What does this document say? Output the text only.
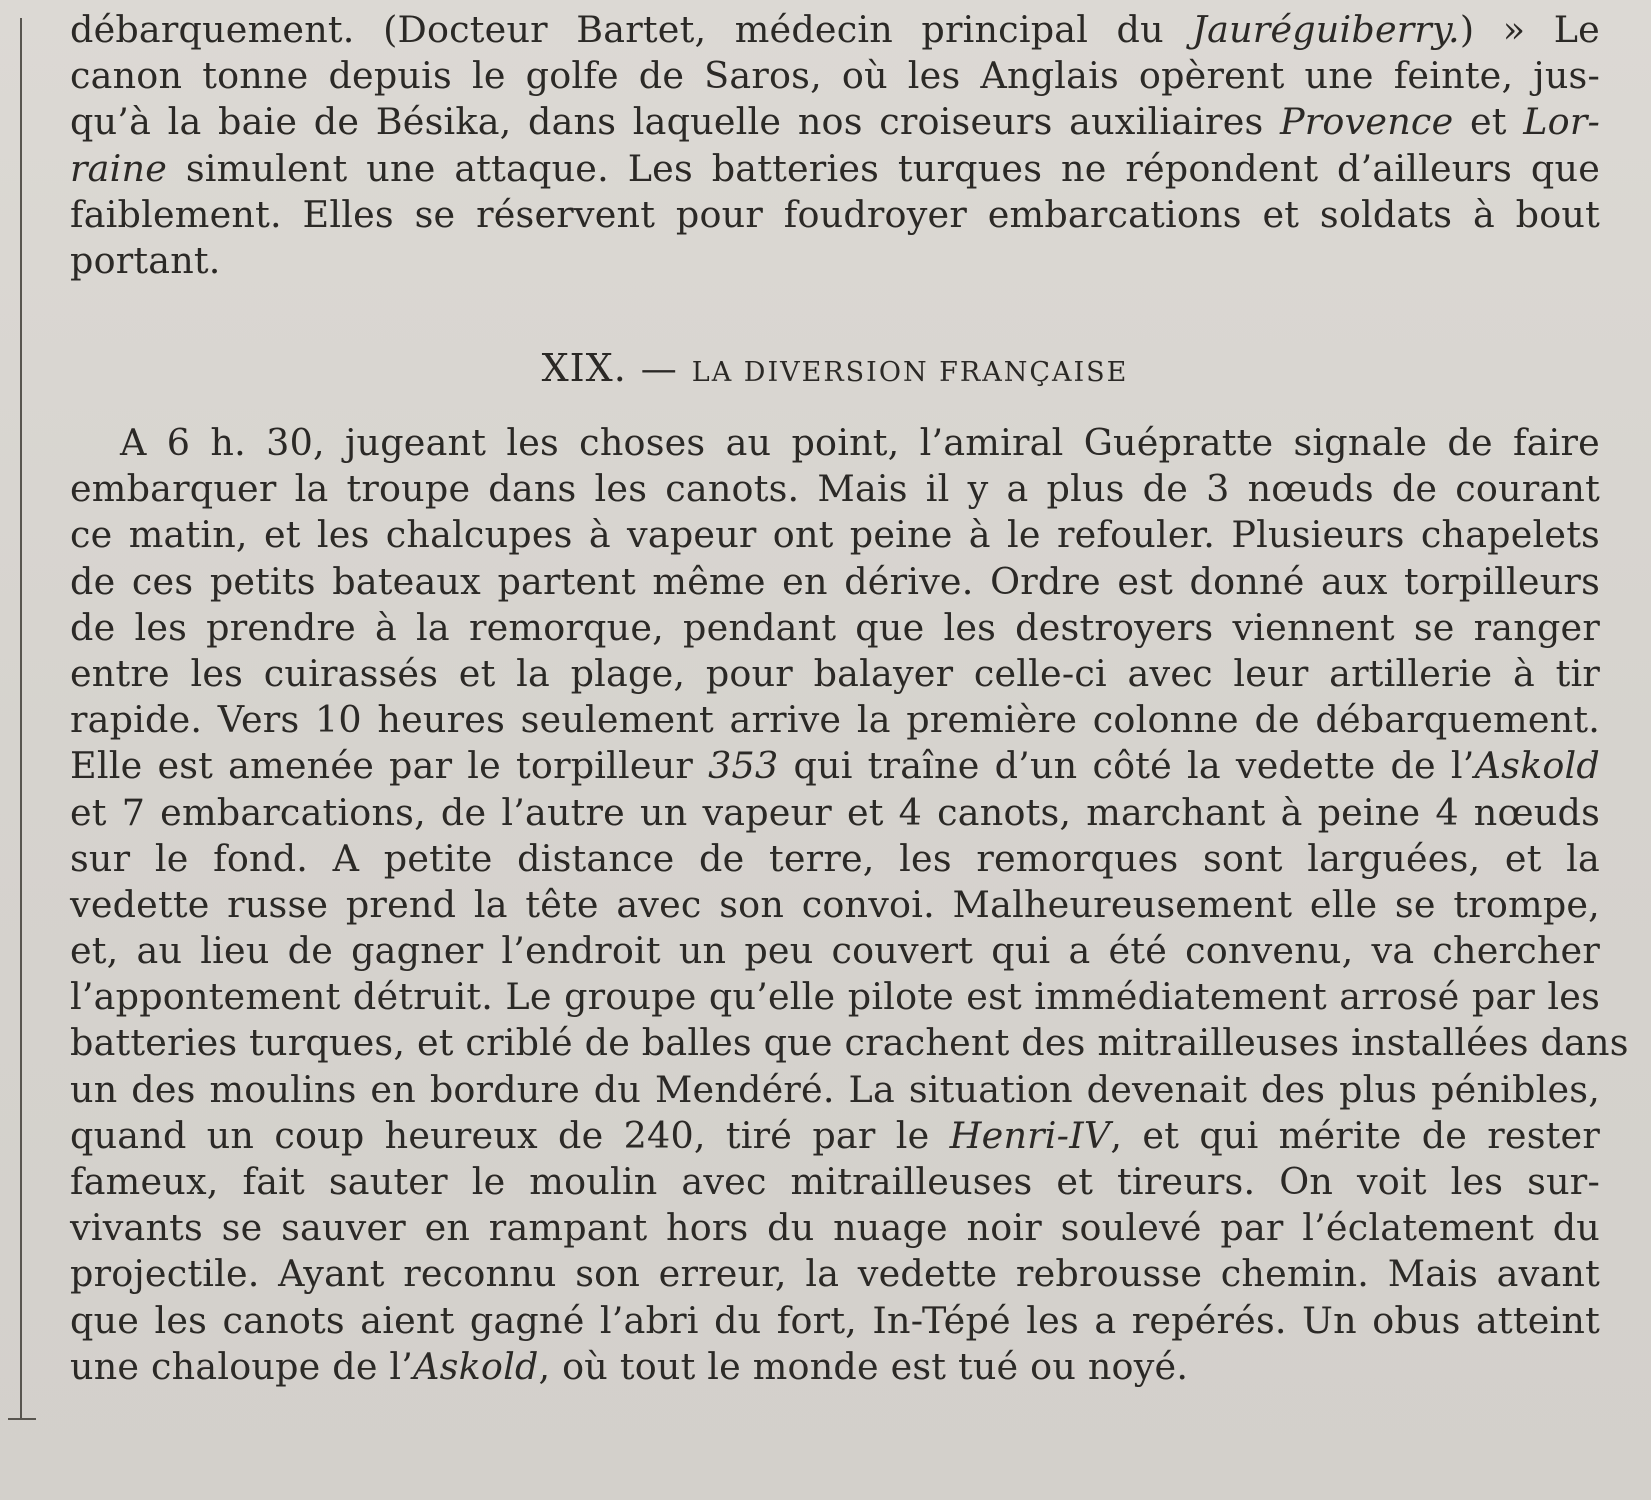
débarquement. (Docteur Bartet, médecin principal du Jauréguiberry.) » Le
canon tonne depuis le golfe de Saros, où les Anglais opèrent une feinte, jus-
qu’à la baie de Bésika, dans laquelle nos croiseurs auxiliaires Provence et Lor-
raine simulent une attaque. Les batteries turques ne répondent d’ailleurs que
faiblement. Elles se réservent pour foudroyer embarcations et soldats à bout
portant.
XIX. — LA DIVERSION FRANÇAISE
A 6 h. 30, jugeant les choses au point, l’amiral Guépratte signale de faire
embarquer la troupe dans les canots. Mais il y a plus de 3 nœuds de courant
ce matin, et les chalcupes à vapeur ont peine à le refouler. Plusieurs chapelets
de ces petits bateaux partent même en dérive. Ordre est donné aux torpilleurs
de les prendre à la remorque, pendant que les destroyers viennent se ranger
entre les cuirassés et la plage, pour balayer celle-ci avec leur artillerie à tir
rapide. Vers 10 heures seulement arrive la première colonne de débarquement.
Elle est amenée par le torpilleur 353 qui traîne d’un côté la vedette de l’Askold
et 7 embarcations, de l’autre un vapeur et 4 canots, marchant à peine 4 nœuds
sur le fond. A petite distance de terre, les remorques sont larguées, et la
vedette russe prend la tête avec son convoi. Malheureusement elle se trompe,
et, au lieu de gagner l’endroit un peu couvert qui a été convenu, va chercher
l’appontement détruit. Le groupe qu’elle pilote est immédiatement arrosé par les
batteries turques, et criblé de balles que crachent des mitrailleuses installées dans
un des moulins en bordure du Mendéré. La situation devenait des plus pénibles,
quand un coup heureux de 240, tiré par le Henri-IV, et qui mérite de rester
fameux, fait sauter le moulin avec mitrailleuses et tireurs. On voit les sur-
vivants se sauver en rampant hors du nuage noir soulevé par l’éclatement du
projectile. Ayant reconnu son erreur, la vedette rebrousse chemin. Mais avant
que les canots aient gagné l’abri du fort, In-Tépé les a repérés. Un obus atteint
une chaloupe de l’Askold, où tout le monde est tué ou noyé.
